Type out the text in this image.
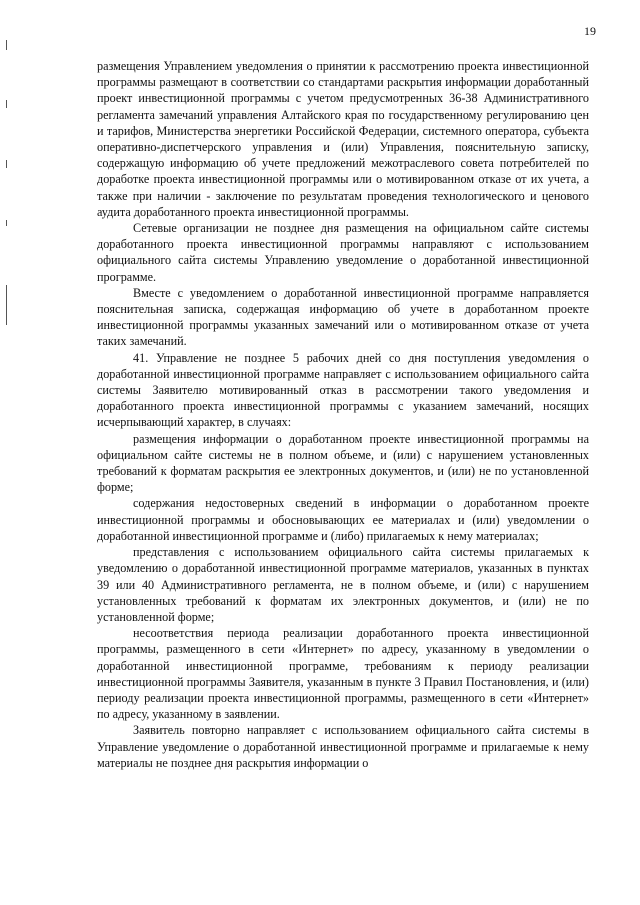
19

размещения Управлением уведомления о принятии к рассмотрению проекта инвестиционной программы размещают в соответствии со стандартами раскрытия информации доработанный проект инвестиционной программы с учетом предусмотренных 36-38 Административного регламента замечаний управления Алтайского края по государственному регулированию цен и тарифов, Министерства энергетики Российской Федерации, системного оператора, субъекта оперативно-диспетчерского управления и (или) Управления, пояснительную записку, содержащую информацию об учете предложений межотраслевого совета потребителей по доработке проекта инвестиционной программы или о мотивированном отказе от их учета, а также при наличии - заключение по результатам проведения технологического и ценового аудита доработанного проекта инвестиционной программы.

Сетевые организации не позднее дня размещения на официальном сайте системы доработанного проекта инвестиционной программы направляют с использованием официального сайта системы Управлению уведомление о доработанной инвестиционной программе.

Вместе с уведомлением о доработанной инвестиционной программе направляется пояснительная записка, содержащая информацию об учете в доработанном проекте инвестиционной программы указанных замечаний или о мотивированном отказе от учета таких замечаний.

41. Управление не позднее 5 рабочих дней со дня поступления уведомления о доработанной инвестиционной программе направляет с использованием официального сайта системы Заявителю мотивированный отказ в рассмотрении такого уведомления и доработанного проекта инвестиционной программы с указанием замечаний, носящих исчерпывающий характер, в случаях:

размещения информации о доработанном проекте инвестиционной программы на официальном сайте системы не в полном объеме, и (или) с нарушением установленных требований к форматам раскрытия ее электронных документов, и (или) не по установленной форме;

содержания недостоверных сведений в информации о доработанном проекте инвестиционной программы и обосновывающих ее материалах и (или) уведомлении о доработанной инвестиционной программе и (либо) прилагаемых к нему материалах;

представления с использованием официального сайта системы прилагаемых к уведомлению о доработанной инвестиционной программе материалов, указанных в пунктах 39 или 40 Административного регламента, не в полном объеме, и (или) с нарушением установленных требований к форматам их электронных документов, и (или) не по установленной форме;

несоответствия периода реализации доработанного проекта инвестиционной программы, размещенного в сети «Интернет» по адресу, указанному в уведомлении о доработанной инвестиционной программе, требованиям к периоду реализации инвестиционной программы Заявителя, указанным в пункте 3 Правил Постановления, и (или) периоду реализации проекта инвестиционной программы, размещенного в сети «Интернет» по адресу, указанному в заявлении.

Заявитель повторно направляет с использованием официального сайта системы в Управление уведомление о доработанной инвестиционной программе и прилагаемые к нему материалы не позднее дня раскрытия информации о
